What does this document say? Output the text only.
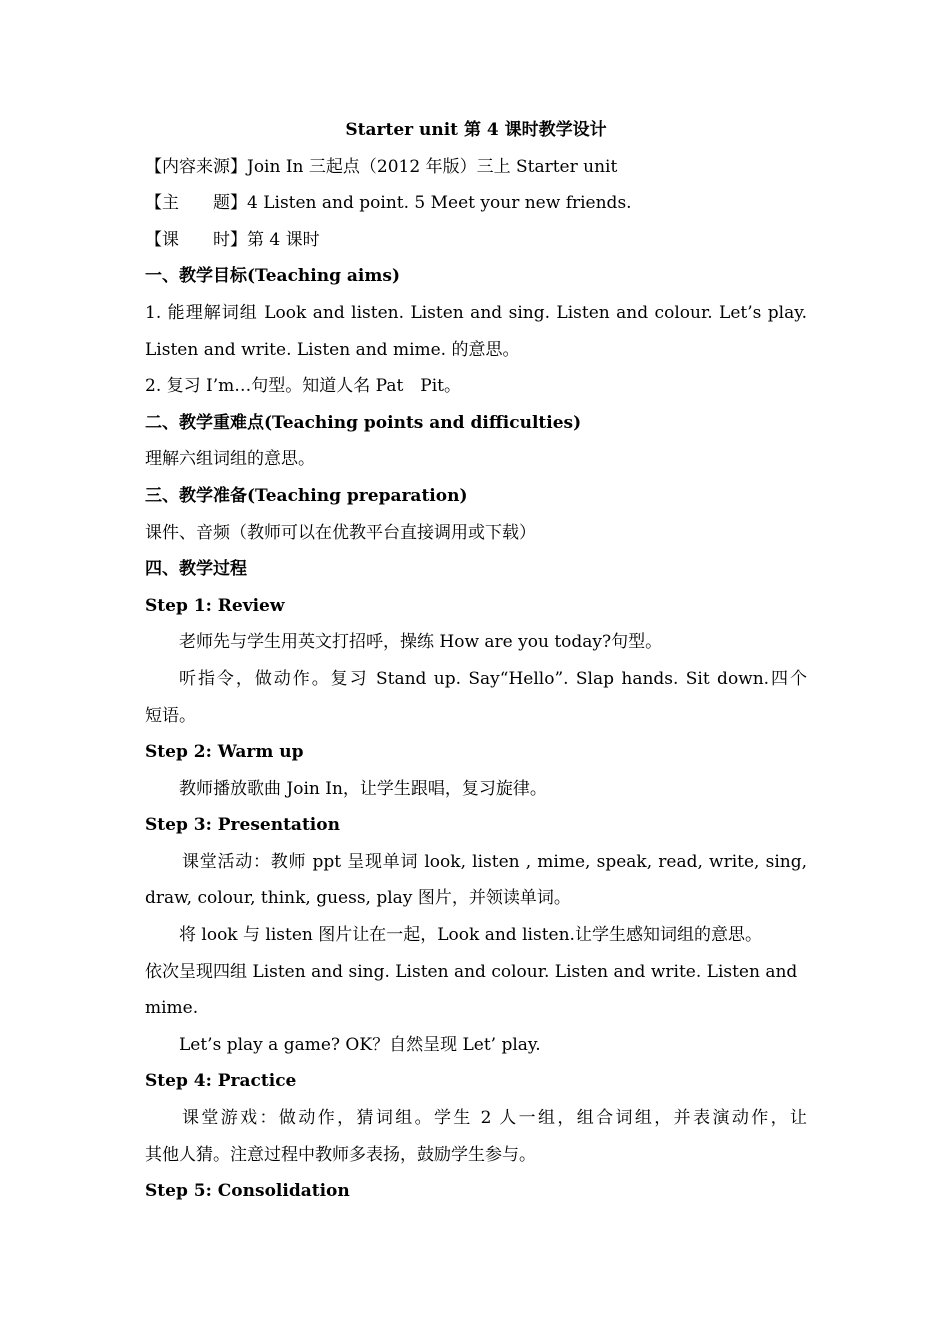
Starter unit 第 4 课时教学设计
【内容来源】Join In 三起点（2012 年版）三上 Starter unit
【主　　题】4 Listen and point. 5 Meet your new friends.
【课　　时】第 4 课时
一、教学目标(Teaching aims)
1. 能理解词组 Look and listen. Listen and sing. Listen and colour. Let’s play.
Listen and write. Listen and mime. 的意思。
2. 复习 I’m…句型。知道人名 Pat　Pit。
二、教学重难点(Teaching points and difficulties)
理解六组词组的意思。
三、教学准备(Teaching preparation)
课件、音频（教师可以在优教平台直接调用或下载）
四、教学过程
Step 1: Review
老师先与学生用英文打招呼，操练 How are you today?句型。
听指令，做动作。复习 Stand up. Say“Hello”. Slap hands. Sit down.四个
短语。
Step 2: Warm up
教师播放歌曲 Join In，让学生跟唱，复习旋律。
Step 3: Presentation
课堂活动：教师 ppt 呈现单词 look, listen , mime, speak, read, write, sing,
draw, colour, think, guess, play 图片，并领读单词。
将 look 与 listen 图片让在一起，Look and listen.让学生感知词组的意思。
依次呈现四组 Listen and sing. Listen and colour. Listen and write. Listen and
mime.
Let’s play a game? OK？自然呈现 Let’ play.
Step 4: Practice
课堂游戏：做动作，猜词组。学生 2 人一组，组合词组，并表演动作，让
其他人猜。注意过程中教师多表扬，鼓励学生参与。
Step 5: Consolidation
